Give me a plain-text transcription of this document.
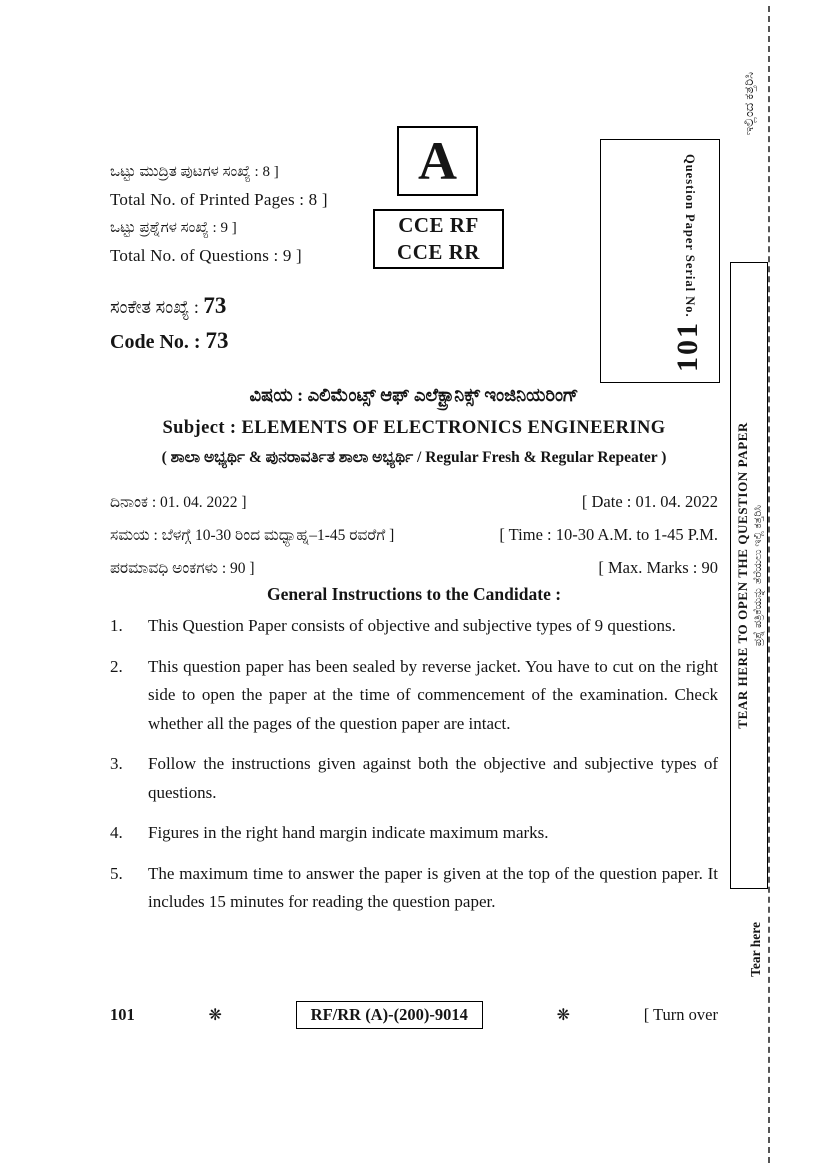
ಒಟ್ಟು ಮುದ್ರಿತ ಪುಟಗಳ ಸಂಖ್ಯೆ : 8 ]
Total No. of Printed Pages : 8 ]
ಒಟ್ಟು ಪ್ರಶ್ನೆಗಳ ಸಂಖ್ಯೆ : 9 ]
Total No. of Questions : 9 ]
A
CCE RF
CCE RR	Question Paper Serial No.
101
ಸಂಕೇತ ಸಂಖ್ಯೆ : 73
Code No. : 73
ವಿಷಯ : ಎಲಿಮೆಂಟ್ಸ್ ಆಫ್ ಎಲೆಕ್ಟ್ರಾನಿಕ್ಸ್ ಇಂಜಿನಿಯರಿಂಗ್
Subject : ELEMENTS OF ELECTRONICS ENGINEERING
( ಶಾಲಾ ಅಭ್ಯರ್ಥಿ & ಪುನರಾವರ್ತಿತ ಶಾಲಾ ಅಭ್ಯರ್ಥಿ / Regular Fresh & Regular Repeater )
ದಿನಾಂಕ : 01. 04. 2022 ]	[ Date : 01. 04. 2022
ಸಮಯ : ಬೆಳಗ್ಗೆ 10-30 ರಿಂದ ಮಧ್ಯಾಹ್ನ–1-45 ರವರೆಗೆ ]	[ Time : 10-30 A.M. to 1-45 P.M.
ಪರಮಾವಧಿ ಅಂಕಗಳು : 90 ]	[ Max. Marks : 90
General Instructions to the Candidate :
1.	This Question Paper consists of objective and subjective types of 9 questions.
2.	This question paper has been sealed by reverse jacket. You have to cut on the right side to open the paper at the time of commencement of the examination. Check whether all the pages of the question paper are intact.
3.	Follow the instructions given against both the objective and subjective types of questions.
4.	Figures in the right hand margin indicate maximum marks.
5.	The maximum time to answer the paper is given at the top of the question paper. It includes 15 minutes for reading the question paper.
101	❋	RF/RR (A)-(200)-9014	❋	[ Turn over
ಇಲ್ಲಿಂದ ಕತ್ತರಿಸಿ
TEAR HERE TO OPEN THE QUESTION PAPER ಪ್ರಶ್ನೆ ಪತ್ರಿಕೆಯನ್ನು ತೆರೆಯಲು ಇಲ್ಲಿ ಕತ್ತರಿಸಿ
Tear here
